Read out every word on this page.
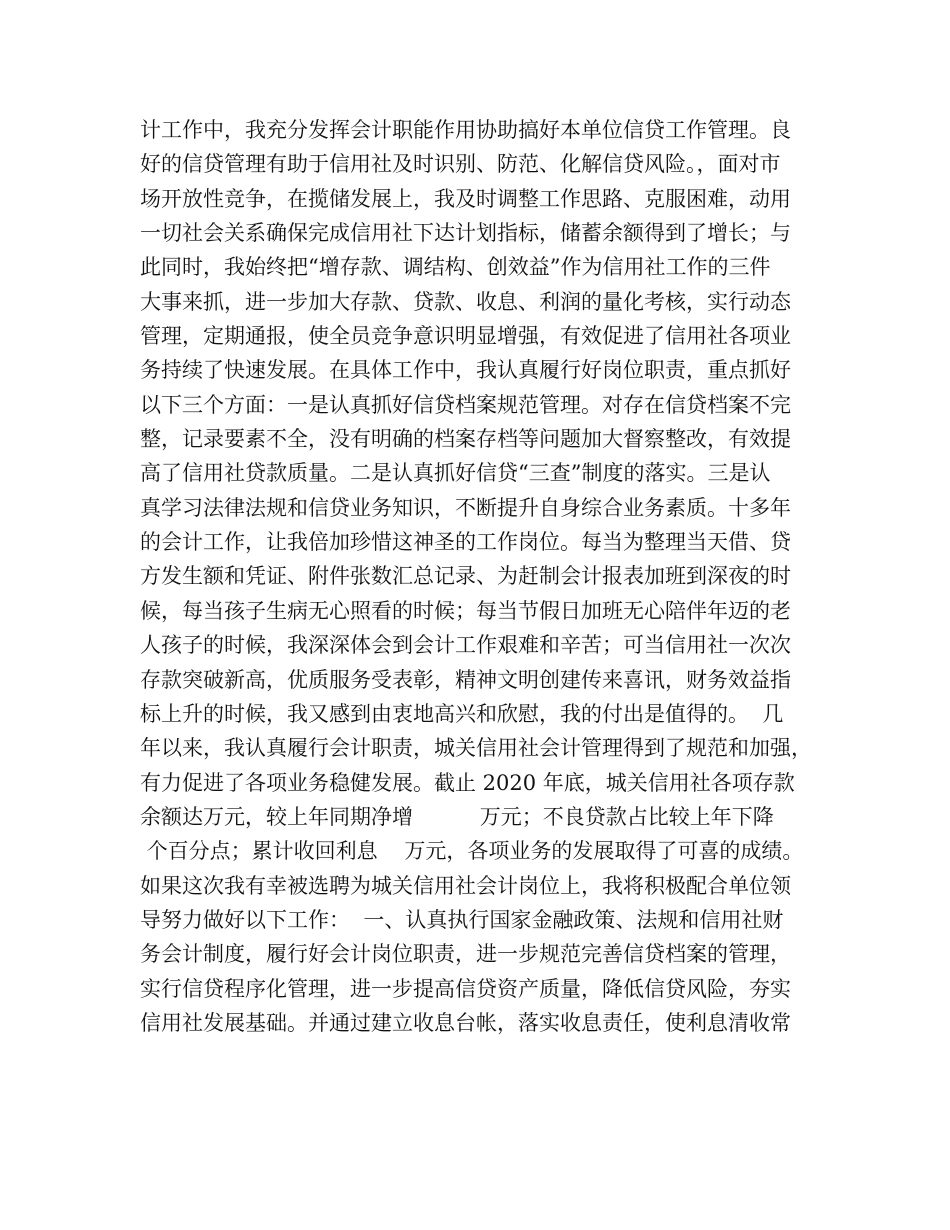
计工作中，我充分发挥会计职能作用协助搞好本单位信贷工作管理。良
好的信贷管理有助于信用社及时识别、防范、化解信贷风险。，面对市
场开放性竞争，在揽储发展上，我及时调整工作思路、克服困难，动用
一切社会关系确保完成信用社下达计划指标，储蓄余额得到了增长；与
此同时，我始终把“增存款、调结构、创效益”作为信用社工作的三件
大事来抓，进一步加大存款、贷款、收息、利润的量化考核，实行动态
管理，定期通报，使全员竞争意识明显增强，有效促进了信用社各项业
务持续了快速发展。在具体工作中，我认真履行好岗位职责，重点抓好
以下三个方面：一是认真抓好信贷档案规范管理。对存在信贷档案不完
整，记录要素不全，没有明确的档案存档等问题加大督察整改，有效提
高了信用社贷款质量。二是认真抓好信贷“三查”制度的落实。三是认
真学习法律法规和信贷业务知识，不断提升自身综合业务素质。十多年
的会计工作，让我倍加珍惜这神圣的工作岗位。每当为整理当天借、贷
方发生额和凭证、附件张数汇总记录、为赶制会计报表加班到深夜的时
候，每当孩子生病无心照看的时候；每当节假日加班无心陪伴年迈的老
人孩子的时候，我深深体会到会计工作艰难和辛苦；可当信用社一次次
存款突破新高，优质服务受表彰，精神文明创建传来喜讯，财务效益指
标上升的时候，我又感到由衷地高兴和欣慰，我的付出是值得的。  几
年以来，我认真履行会计职责，城关信用社会计管理得到了规范和加强，
有力促进了各项业务稳健发展。截止 2020 年底，城关信用社各项存款
余额达万元，较上年同期净增          万元；不良贷款占比较上年下降
个百分点；累计收回利息    万元，各项业务的发展取得了可喜的成绩。
如果这次我有幸被选聘为城关信用社会计岗位上，我将积极配合单位领
导努力做好以下工作：  一、认真执行国家金融政策、法规和信用社财
务会计制度，履行好会计岗位职责，进一步规范完善信贷档案的管理，
实行信贷程序化管理，进一步提高信贷资产质量，降低信贷风险，夯实
信用社发展基础。并通过建立收息台帐，落实收息责任，使利息清收常
